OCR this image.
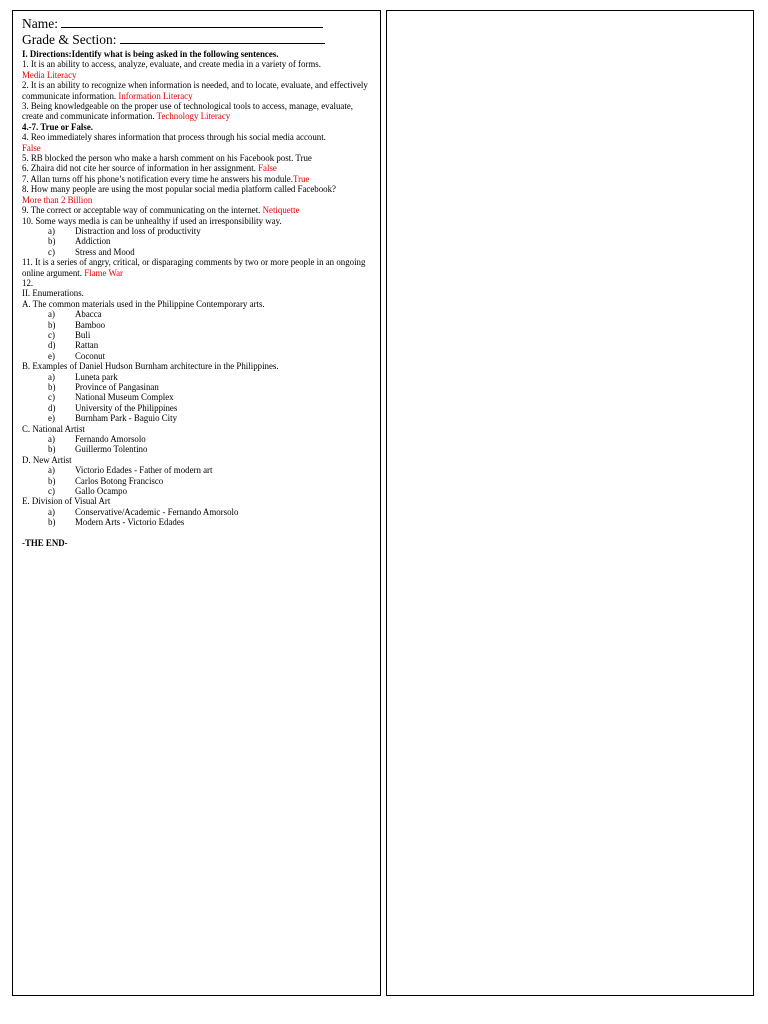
Name:
Grade & Section:

I. Directions:Identify what is being asked in the following sentences.

1. It is an ability to access, analyze, evaluate, and create media in a variety of forms.
Media Literacy

2. It is an ability to recognize when information is needed, and to locate, evaluate, and effectively communicate information. Information Literacy

3. Being knowledgeable on the proper use of technological tools to access, manage, evaluate, create and communicate information. Technology Literacy

4.-7. True or False.

4. Reo immediately shares information that process through his social media account.
False

5. RB blocked the person who make a harsh comment on his Facebook post. True

6. Zhaira did not cite her source of information in her assignment. False

7. Allan turns off his phone’s notification every time he answers his module.True

8. How many people are using the most popular social media platform called Facebook?
More than 2 Billion

9. The correct or acceptable way of communicating on the internet. Netiquette

10. Some ways media is can be unhealthy if used an irresponsibility way.

a)	Distraction and loss of productivity
b)	Addiction
c)	Stress and Mood

11. It is a series of angry, critical, or disparaging comments by two or more people in an ongoing online argument. Flame War

12.

II. Enumerations.

A. The common materials used in the Philippine Contemporary arts.

a)	Abacca
b)	Bamboo
c)	Buli
d)	Rattan
e)	Coconut

B. Examples of Daniel Hudson Burnham architecture in the Philippines.

a)	Luneta park
b)	Province of Pangasinan
c)	National Museum Complex
d)	University of the Philippines
e)	Burnham Park - Baguio City

C. National Artist

a)	Fernando Amorsolo
b)	Guillermo Tolentino

D. New Artist

a)	Victorio Edades - Father of modern art
b)	Carlos Botong Francisco
c)	Gallo Ocampo

E. Division of Visual Art

a)	Conservative/Academic - Fernando Amorsolo
b)	Modern Arts - Victorio Edades

-THE END-
